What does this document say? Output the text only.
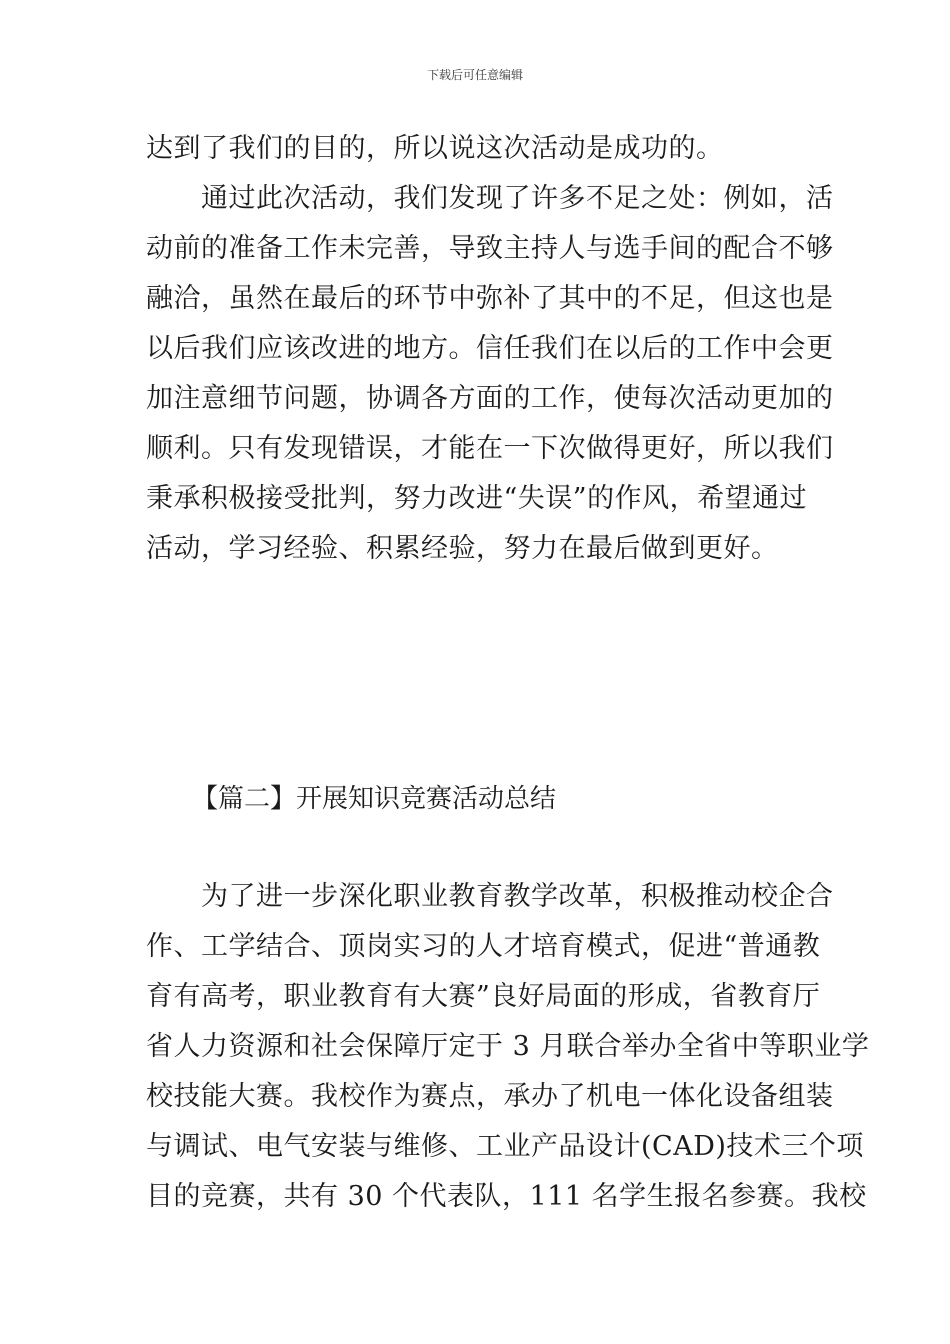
下载后可任意编辑
达到了我们的目的，所以说这次活动是成功的。
　　通过此次活动，我们发现了许多不足之处：例如，活
动前的准备工作未完善，导致主持人与选手间的配合不够
融洽，虽然在最后的环节中弥补了其中的不足，但这也是
以后我们应该改进的地方。信任我们在以后的工作中会更
加注意细节问题，协调各方面的工作，使每次活动更加的
顺利。只有发现错误，才能在一下次做得更好，所以我们
秉承积极接受批判，努力改进“失误”的作风，希望通过
活动，学习经验、积累经验，努力在最后做到更好。
【篇二】开展知识竞赛活动总结
　　为了进一步深化职业教育教学改革，积极推动校企合
作、工学结合、顶岗实习的人才培育模式，促进“普通教
育有高考，职业教育有大赛”良好局面的形成，省教育厅
省人力资源和社会保障厅定于 3 月联合举办全省中等职业学
校技能大赛。我校作为赛点，承办了机电一体化设备组装
与调试、电气安装与维修、工业产品设计(CAD)技术三个项
目的竞赛，共有 30 个代表队，111 名学生报名参赛。我校
